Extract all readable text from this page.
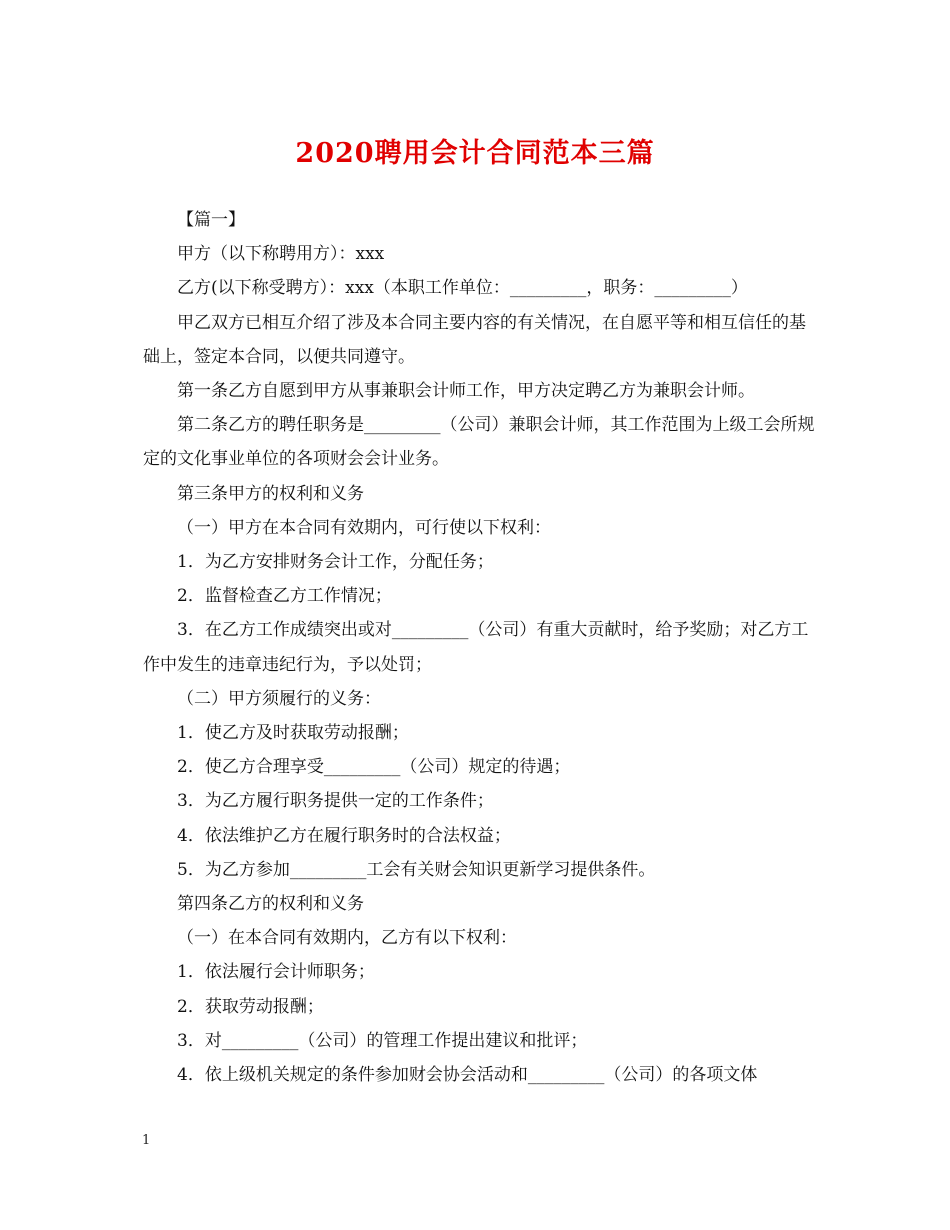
2020聘用会计合同范本三篇

【篇一】

甲方（以下称聘用方）：xxx

乙方(以下称受聘方）：xxx（本职工作单位：_________，职务：_________）

甲乙双方已相互介绍了涉及本合同主要内容的有关情况，在自愿平等和相互信任的基础上，签定本合同，以便共同遵守。

第一条乙方自愿到甲方从事兼职会计师工作，甲方决定聘乙方为兼职会计师。

第二条乙方的聘任职务是_________（公司）兼职会计师，其工作范围为上级工会所规定的文化事业单位的各项财会会计业务。

第三条甲方的权利和义务

（一）甲方在本合同有效期内，可行使以下权利：

1．为乙方安排财务会计工作，分配任务；

2．监督检查乙方工作情况；

3．在乙方工作成绩突出或对_________（公司）有重大贡献时，给予奖励；对乙方工作中发生的违章违纪行为，予以处罚；

（二）甲方须履行的义务：

1．使乙方及时获取劳动报酬；

2．使乙方合理享受_________（公司）规定的待遇；

3．为乙方履行职务提供一定的工作条件；

4．依法维护乙方在履行职务时的合法权益；

5．为乙方参加_________工会有关财会知识更新学习提供条件。

第四条乙方的权利和义务

（一）在本合同有效期内，乙方有以下权利：

1．依法履行会计师职务；

2．获取劳动报酬；

3．对_________（公司）的管理工作提出建议和批评；

4．依上级机关规定的条件参加财会协会活动和_________（公司）的各项文体

1
